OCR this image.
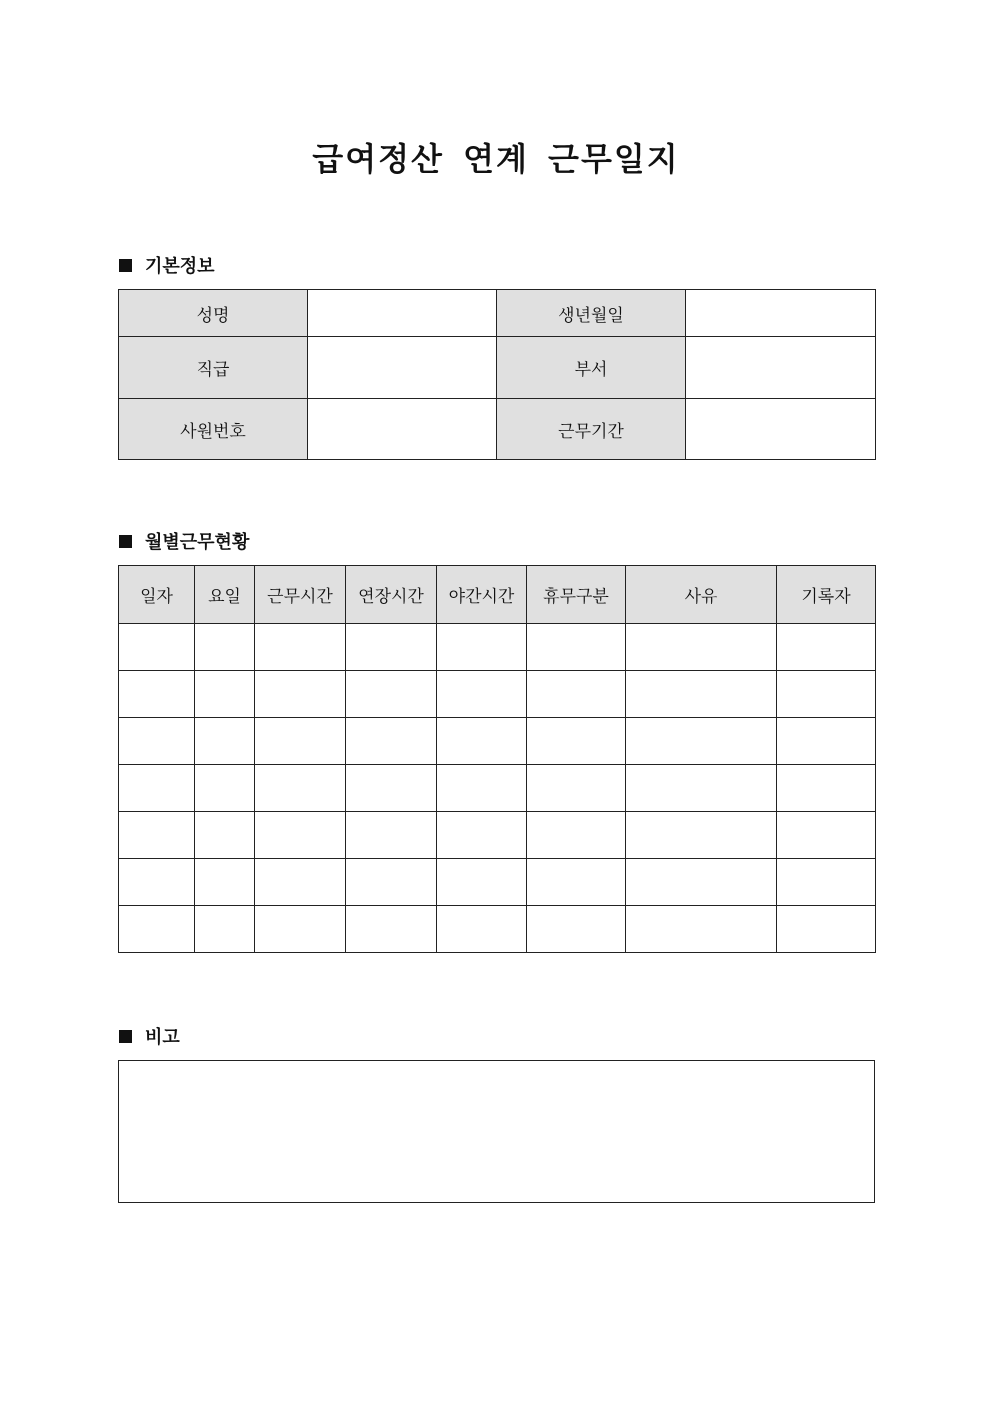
급여정산 연계 근무일지
기본정보
성명		생년월일	
직급		부서	
사원번호		근무기간	
월별근무현황
일자	요일	근무시간	연장시간	야간시간	휴무구분	사유	기록자

비고
